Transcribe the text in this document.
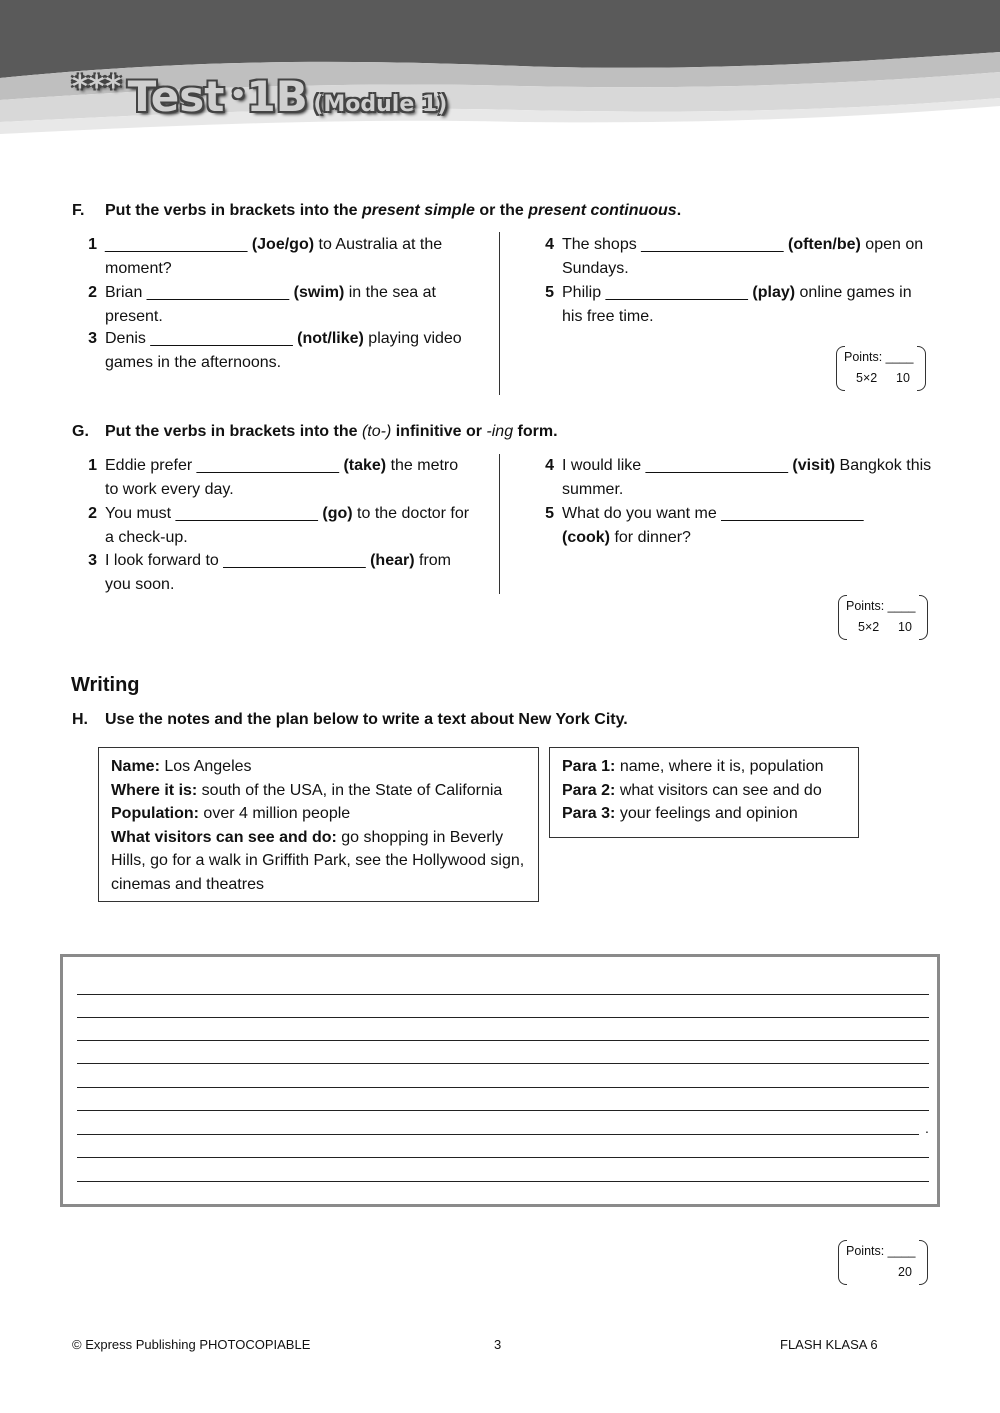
*** Test •1B (Module 1)
F. Put the verbs in brackets into the present simple or the present continuous.
1 ________________ (Joe/go) to Australia at the moment?
2 Brian ________________ (swim) in the sea at present.
3 Denis ________________ (not/like) playing video games in the afternoons.
4 The shops ________________ (often/be) open on Sundays.
5 Philip ________________ (play) online games in his free time.
Points: ____
5×2 10
G. Put the verbs in brackets into the (to-) infinitive or -ing form.
1 Eddie prefer ________________ (take) the metro to work every day.
2 You must ________________ (go) to the doctor for a check-up.
3 I look forward to ________________ (hear) from you soon.
4 I would like ________________ (visit) Bangkok this summer.
5 What do you want me ________________ (cook) for dinner?
Points: ____
5×2 10
Writing
H. Use the notes and the plan below to write a text about New York City.
Name: Los Angeles
Where it is: south of the USA, in the State of California
Population: over 4 million people
What visitors can see and do: go shopping in Beverly Hills, go for a walk in Griffith Park, see the Hollywood sign, cinemas and theatres
Para 1: name, where it is, population
Para 2: what visitors can see and do
Para 3: your feelings and opinion
.
Points: ____
20
© Express Publishing PHOTOCOPIABLE	3	FLASH KLASA 6
